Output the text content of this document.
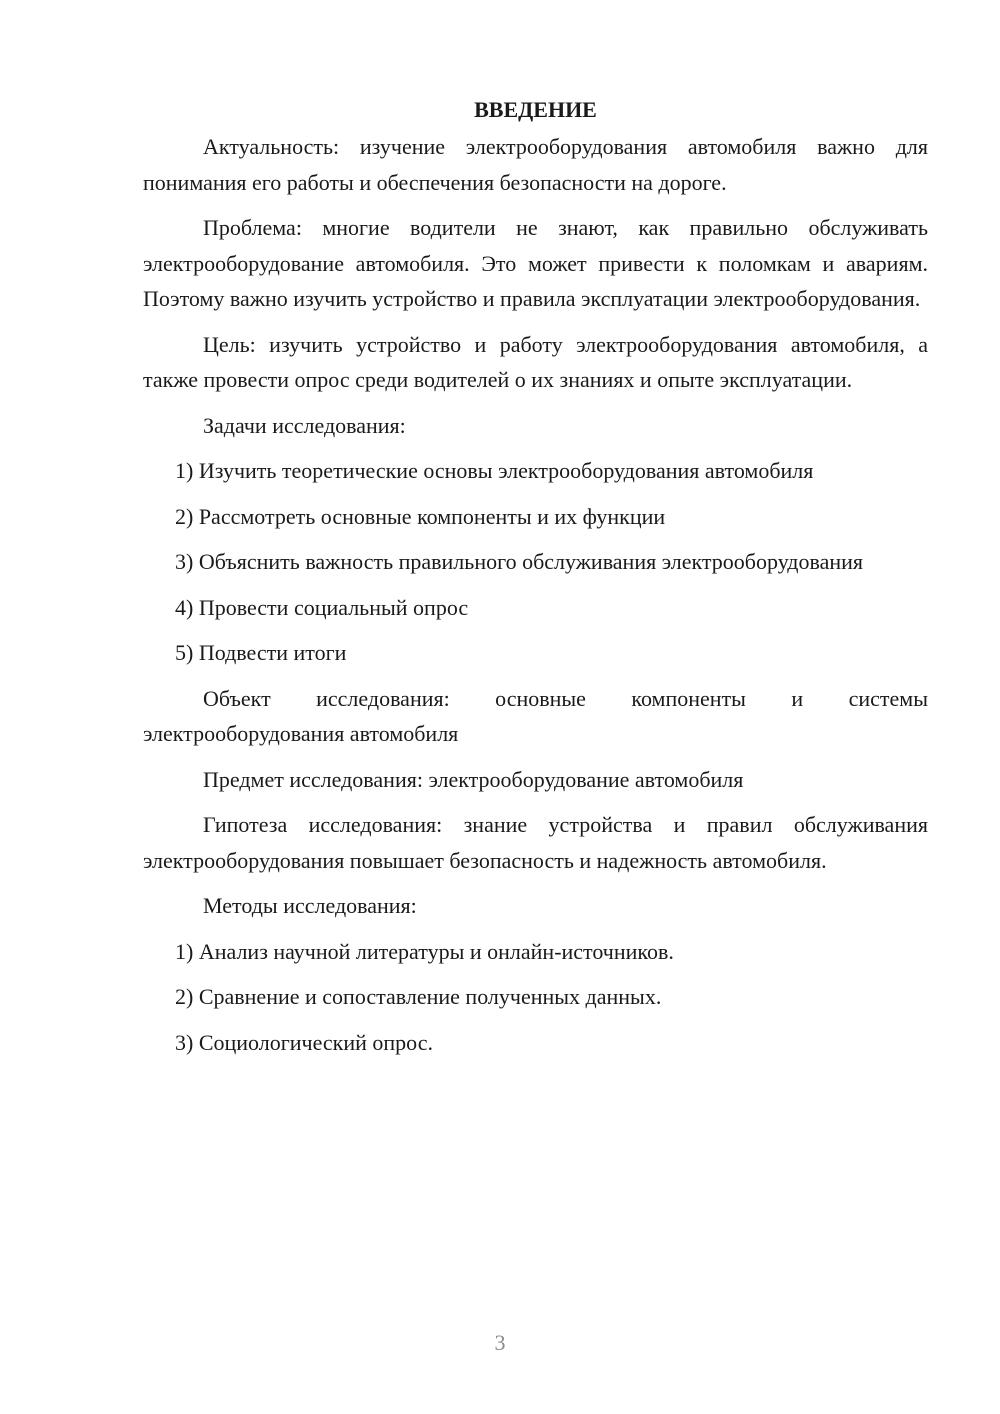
ВВЕДЕНИЕ

Актуальность: изучение электрооборудования автомобиля важно для понимания его работы и обеспечения безопасности на дороге.

Проблема: многие водители не знают, как правильно обслуживать электрооборудование автомобиля. Это может привести к поломкам и авариям. Поэтому важно изучить устройство и правила эксплуатации электрооборудования.

Цель: изучить устройство и работу электрооборудования автомобиля, а также провести опрос среди водителей о их знаниях и опыте эксплуатации.

Задачи исследования:

1) Изучить теоретические основы электрооборудования автомобиля

2) Рассмотреть основные компоненты и их функции

3) Объяснить важность правильного обслуживания электрооборудования

4) Провести социальный опрос

5) Подвести итоги

Объект исследования: основные компоненты и системы электрооборудования автомобиля

Предмет исследования: электрооборудование автомобиля

Гипотеза исследования: знание устройства и правил обслуживания электрооборудования повышает безопасность и надежность автомобиля.

Методы исследования:

1) Анализ научной литературы и онлайн-источников.

2) Сравнение и сопоставление полученных данных.

3) Социологический опрос.

3
